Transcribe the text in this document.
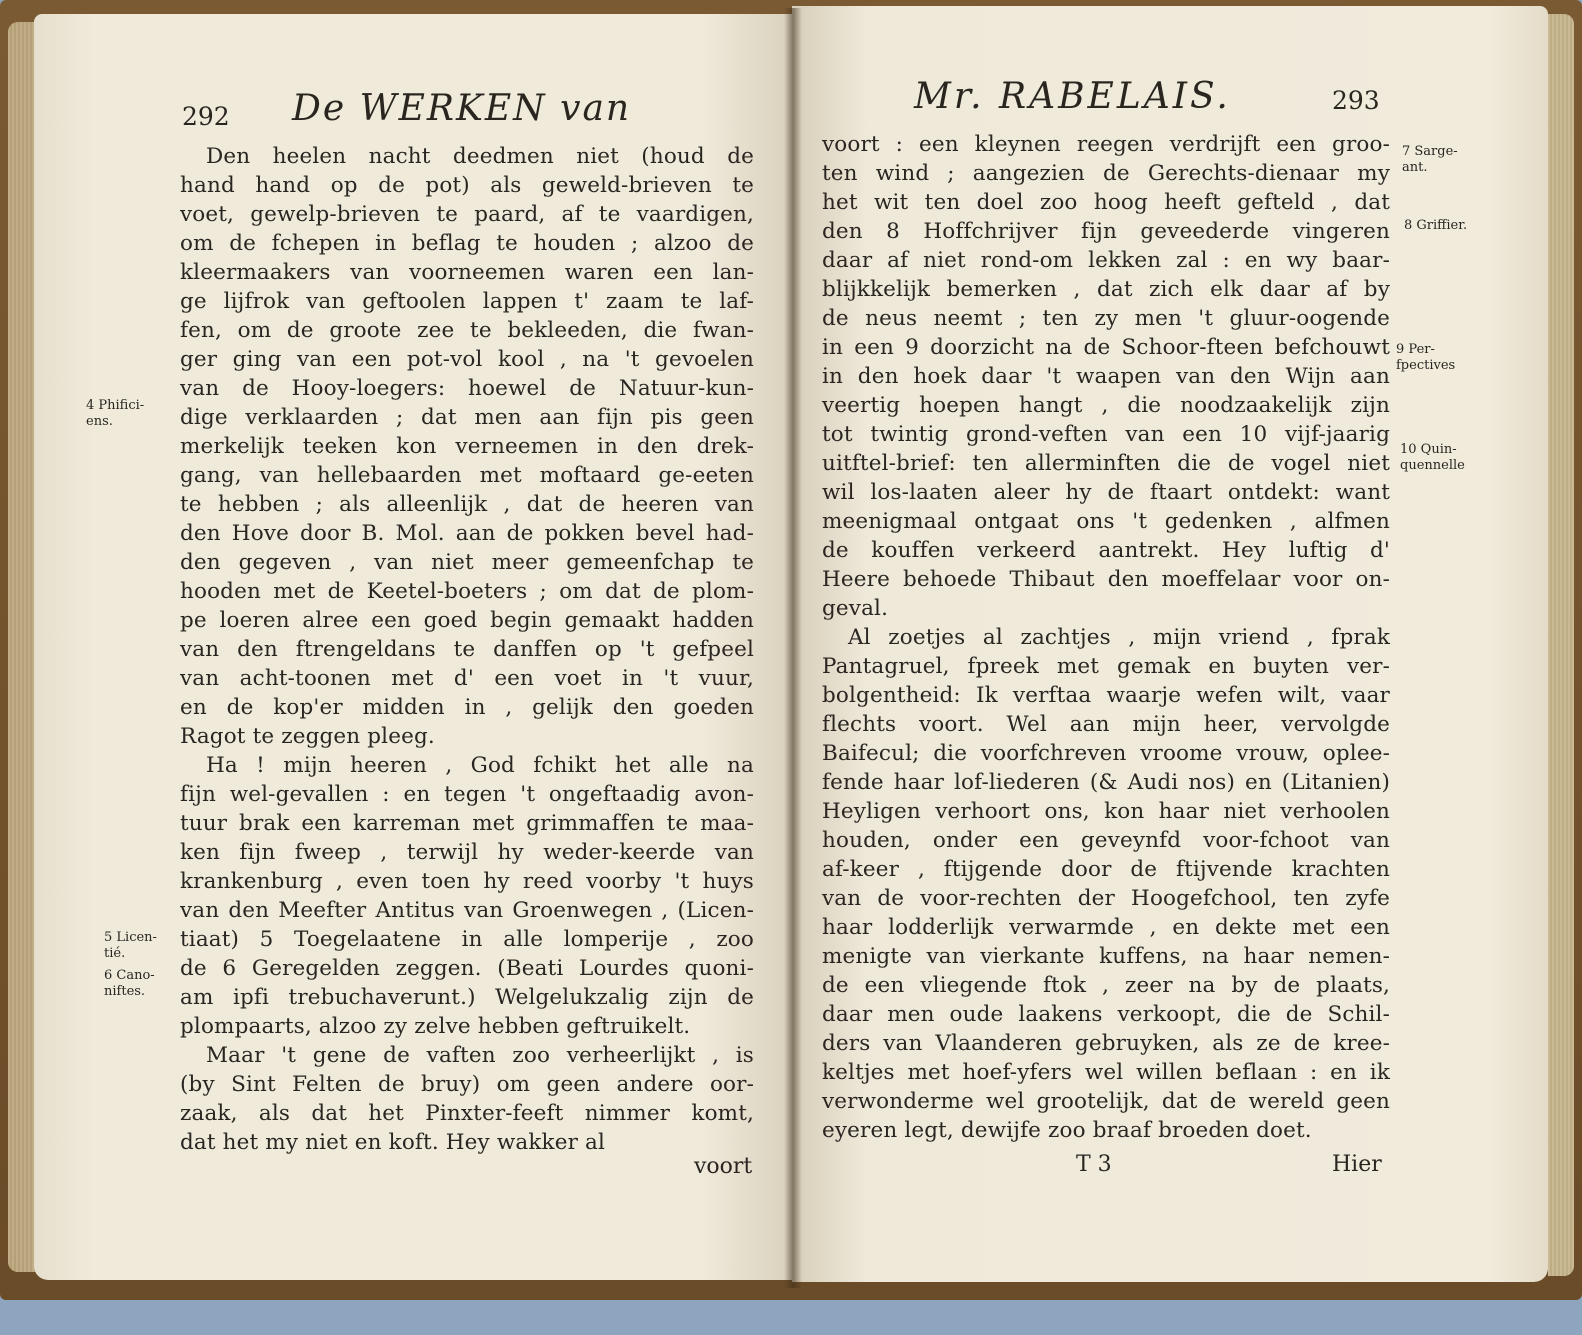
292 De WERKEN van
Den heelen nacht deedmen niet (houd de
hand hand op de pot) als geweld-brieven te
voet, gewelp-brieven te paard, af te vaardigen,
om de fchepen in beflag te houden ; alzoo de
kleermaakers van voorneemen waren een lan-
ge lijfrok van geftoolen lappen t' zaam te laf-
fen, om de groote zee te bekleeden, die fwan-
ger ging van een pot-vol kool , na 't gevoelen
van de Hooy-loegers: hoewel de Natuur-kun-
dige verklaarden ; dat men aan fijn pis geen
merkelijk teeken kon verneemen in den drek-
gang, van hellebaarden met moftaard ge-eeten
te hebben ; als alleenlijk , dat de heeren van
den Hove door B. Mol. aan de pokken bevel had-
den gegeven , van niet meer gemeenfchap te
hooden met de Keetel-boeters ; om dat de plom-
pe loeren alree een goed begin gemaakt hadden
van den ftrengeldans te danffen op 't gefpeel
van acht-toonen met d' een voet in 't vuur,
en de kop'er midden in , gelijk den goeden
Ragot te zeggen pleeg.
Ha ! mijn heeren , God fchikt het alle na
fijn wel-gevallen : en tegen 't ongeftaadig avon-
tuur brak een karreman met grimmaffen te maa-
ken fijn fweep , terwijl hy weder-keerde van
krankenburg , even toen hy reed voorby 't huys
van den Meefter Antitus van Groenwegen , (Licen-
tiaat) 5 Toegelaatene in alle lomperije , zoo
de 6 Geregelden zeggen. (Beati Lourdes quoni-
am ipfi trebuchaverunt.) Welgelukzalig zijn de
plompaarts, alzoo zy zelve hebben geftruikelt.
Maar 't gene de vaften zoo verheerlijkt , is
(by Sint Felten de bruy) om geen andere oor-
zaak, als dat het Pinxter-feeft nimmer komt,
dat het my niet en koft. Hey wakker al
4 Phifici-
ens.
5 Licen-
tié.
6 Cano-
niftes.
voort
Mr. RABELAIS.	293
voort : een kleynen reegen verdrijft een groo-
ten wind ; aangezien de Gerechts-dienaar my
het wit ten doel zoo hoog heeft gefteld , dat
den 8 Hoffchrijver fijn geveederde vingeren
daar af niet rond-om lekken zal : en wy baar-
blijkkelijk bemerken , dat zich elk daar af by
de neus neemt ; ten zy men 't gluur-oogende
in een 9 doorzicht na de Schoor-fteen befchouwt
in den hoek daar 't waapen van den Wijn aan
veertig hoepen hangt , die noodzaakelijk zijn
tot twintig grond-veften van een 10 vijf-jaarig
uitftel-brief: ten allerminften die de vogel niet
wil los-laaten aleer hy de ftaart ontdekt: want
meenigmaal ontgaat ons 't gedenken , alfmen
de kouffen verkeerd aantrekt. Hey luftig d'
Heere behoede Thibaut den moeffelaar voor on-
geval.
Al zoetjes al zachtjes , mijn vriend , fprak
Pantagruel, fpreek met gemak en buyten ver-
bolgentheid: Ik verftaa waarje wefen wilt, vaar
flechts voort. Wel aan mijn heer, vervolgde
Baifecul; die voorfchreven vroome vrouw, oplee-
fende haar lof-liederen (& Audi nos) en (Litanien)
Heyligen verhoort ons, kon haar niet verhoolen
houden, onder een geveynfd voor-fchoot van
af-keer , ftijgende door de ftijvende krachten
van de voor-rechten der Hoogefchool, ten zyfe
haar lodderlijk verwarmde , en dekte met een
menigte van vierkante kuffens, na haar nemen-
de een vliegende ftok , zeer na by de plaats,
daar men oude laakens verkoopt, die de Schil-
ders van Vlaanderen gebruyken, als ze de kree-
keltjes met hoef-yfers wel willen beflaan : en ik
verwonderme wel grootelijk, dat de wereld geen
eyeren legt, dewijfe zoo braaf broeden doet.
7 Sarge-
ant.
8 Griffier.
9 Per-
fpectives
10 Quin-
quennelle
T 3	Hier
